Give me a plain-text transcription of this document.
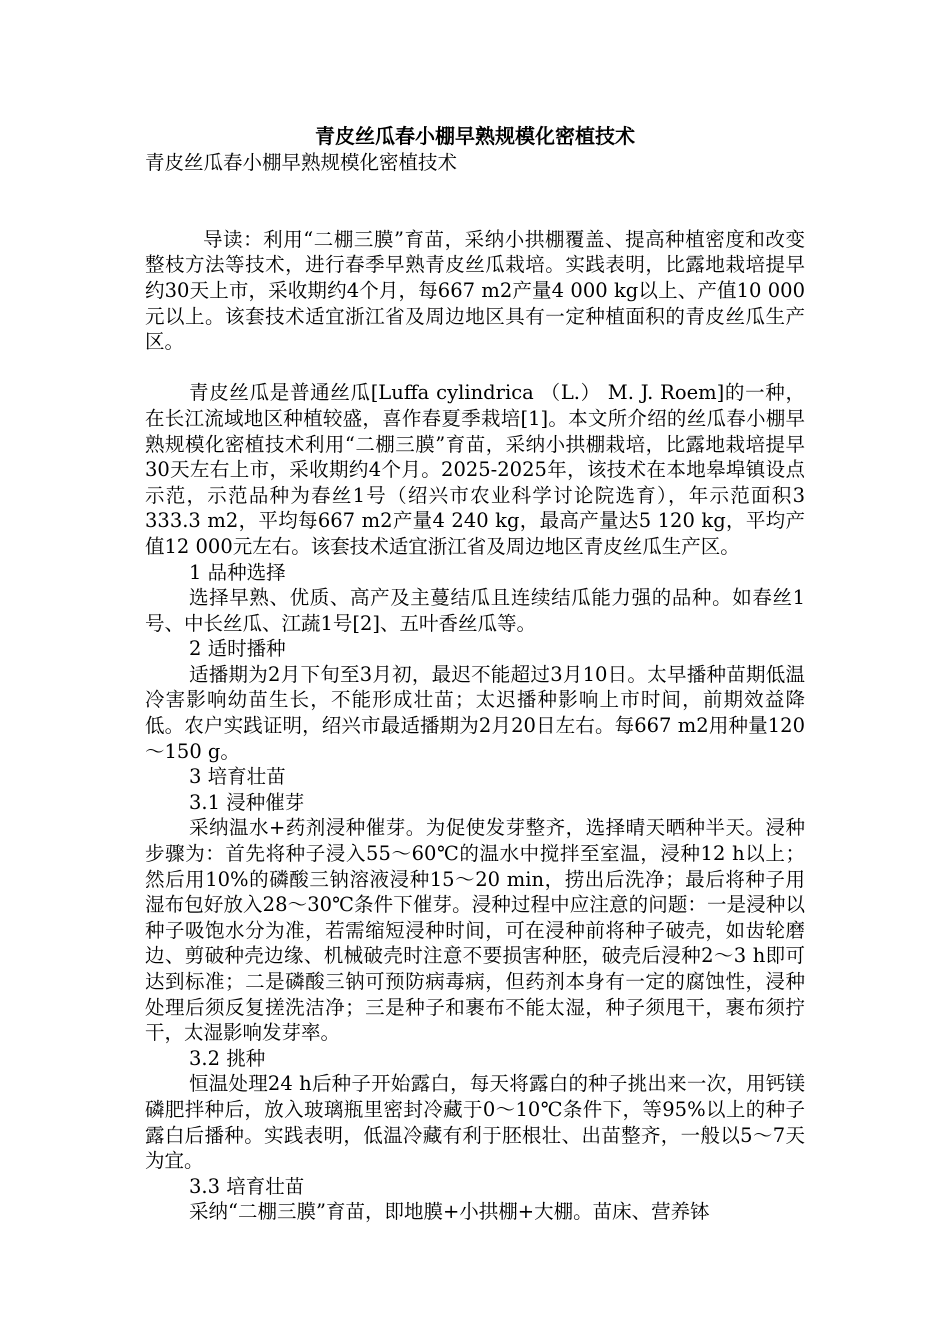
青皮丝瓜春小棚早熟规模化密植技术

青皮丝瓜春小棚早熟规模化密植技术

导读：利用“二棚三膜”育苗，采纳小拱棚覆盖、提高种植密度和改变整枝方法等技术，进行春季早熟青皮丝瓜栽培。实践表明，比露地栽培提早约30天上市，采收期约4个月，每667 m2产量4 000 kg以上、产值10 000元以上。该套技术适宜浙江省及周边地区具有一定种植面积的青皮丝瓜生产区。

青皮丝瓜是普通丝瓜[Luffa cylindrica （L.） M. J. Roem]的一种，在长江流域地区种植较盛，喜作春夏季栽培[1]。本文所介绍的丝瓜春小棚早熟规模化密植技术利用“二棚三膜”育苗，采纳小拱棚栽培，比露地栽培提早30天左右上市，采收期约4个月。2025-2025年，该技术在本地皋埠镇设点示范，示范品种为春丝1号（绍兴市农业科学讨论院选育），年示范面积3 333.3 m2，平均每667 m2产量4 240 kg，最高产量达5 120 kg，平均产值12 000元左右。该套技术适宜浙江省及周边地区青皮丝瓜生产区。

1 品种选择

选择早熟、优质、高产及主蔓结瓜且连续结瓜能力强的品种。如春丝1号、中长丝瓜、江蔬1号[2]、五叶香丝瓜等。

2 适时播种

适播期为2月下旬至3月初，最迟不能超过3月10日。太早播种苗期低温冷害影响幼苗生长，不能形成壮苗；太迟播种影响上市时间，前期效益降低。农户实践证明，绍兴市最适播期为2月20日左右。每667 m2用种量120～150 g。

3 培育壮苗

3.1 浸种催芽

采纳温水+药剂浸种催芽。为促使发芽整齐，选择晴天晒种半天。浸种步骤为：首先将种子浸入55～60℃的温水中搅拌至室温，浸种12 h以上；然后用10%的磷酸三钠溶液浸种15～20 min，捞出后洗净；最后将种子用湿布包好放入28～30℃条件下催芽。浸种过程中应注意的问题：一是浸种以种子吸饱水分为准，若需缩短浸种时间，可在浸种前将种子破壳，如齿轮磨边、剪破种壳边缘、机械破壳时注意不要损害种胚，破壳后浸种2～3 h即可达到标准；二是磷酸三钠可预防病毒病，但药剂本身有一定的腐蚀性，浸种处理后须反复搓洗洁净；三是种子和裹布不能太湿，种子须甩干，裹布须拧干，太湿影响发芽率。

3.2 挑种

恒温处理24 h后种子开始露白，每天将露白的种子挑出来一次，用钙镁磷肥拌种后，放入玻璃瓶里密封冷藏于0～10℃条件下，等95%以上的种子露白后播种。实践表明，低温冷藏有利于胚根壮、出苗整齐，一般以5～7天为宜。

3.3 培育壮苗

采纳“二棚三膜”育苗，即地膜+小拱棚+大棚。苗床、营养钵
